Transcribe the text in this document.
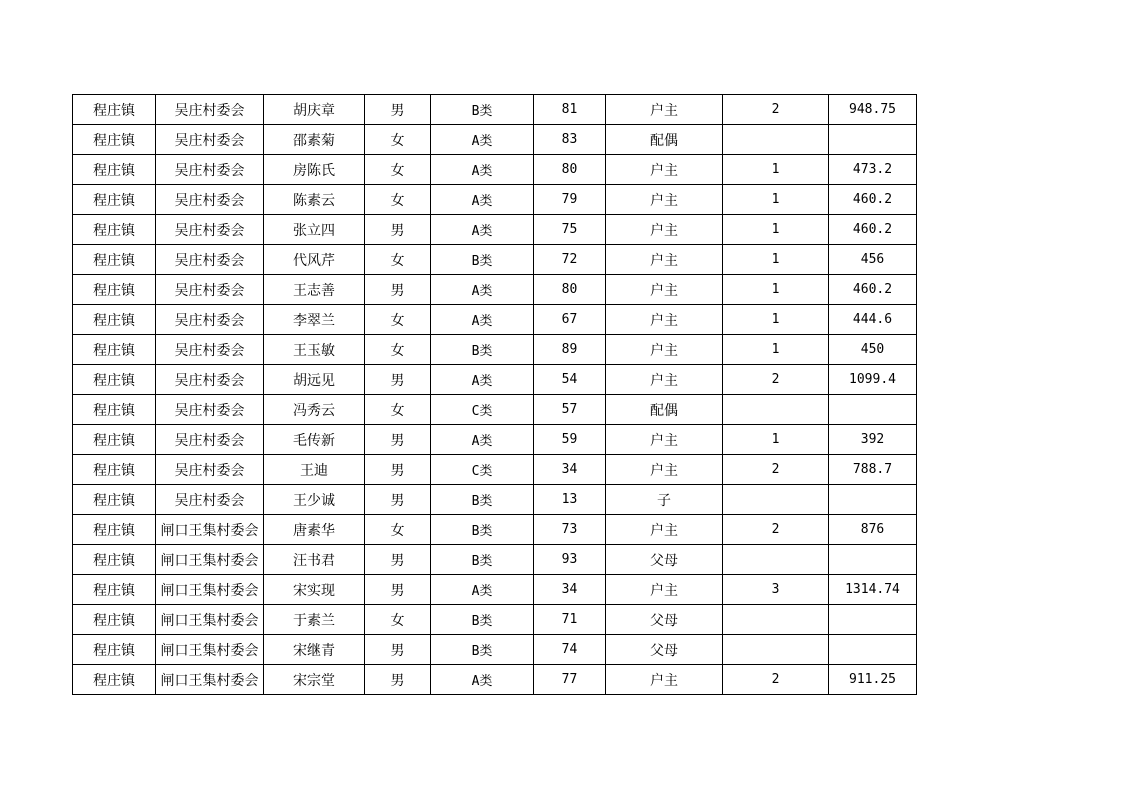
程庄镇	吴庄村委会	胡庆章	男	B类	81	户主	2	948.75
程庄镇	吴庄村委会	邵素菊	女	A类	83	配偶		
程庄镇	吴庄村委会	房陈氏	女	A类	80	户主	1	473.2
程庄镇	吴庄村委会	陈素云	女	A类	79	户主	1	460.2
程庄镇	吴庄村委会	张立四	男	A类	75	户主	1	460.2
程庄镇	吴庄村委会	代风芹	女	B类	72	户主	1	456
程庄镇	吴庄村委会	王志善	男	A类	80	户主	1	460.2
程庄镇	吴庄村委会	李翠兰	女	A类	67	户主	1	444.6
程庄镇	吴庄村委会	王玉敏	女	B类	89	户主	1	450
程庄镇	吴庄村委会	胡远见	男	A类	54	户主	2	1099.4
程庄镇	吴庄村委会	冯秀云	女	C类	57	配偶		
程庄镇	吴庄村委会	毛传新	男	A类	59	户主	1	392
程庄镇	吴庄村委会	王迪	男	C类	34	户主	2	788.7
程庄镇	吴庄村委会	王少诚	男	B类	13	子		
程庄镇	闸口王集村委会	唐素华	女	B类	73	户主	2	876
程庄镇	闸口王集村委会	汪书君	男	B类	93	父母		
程庄镇	闸口王集村委会	宋实现	男	A类	34	户主	3	1314.74
程庄镇	闸口王集村委会	于素兰	女	B类	71	父母		
程庄镇	闸口王集村委会	宋继青	男	B类	74	父母		
程庄镇	闸口王集村委会	宋宗堂	男	A类	77	户主	2	911.25
